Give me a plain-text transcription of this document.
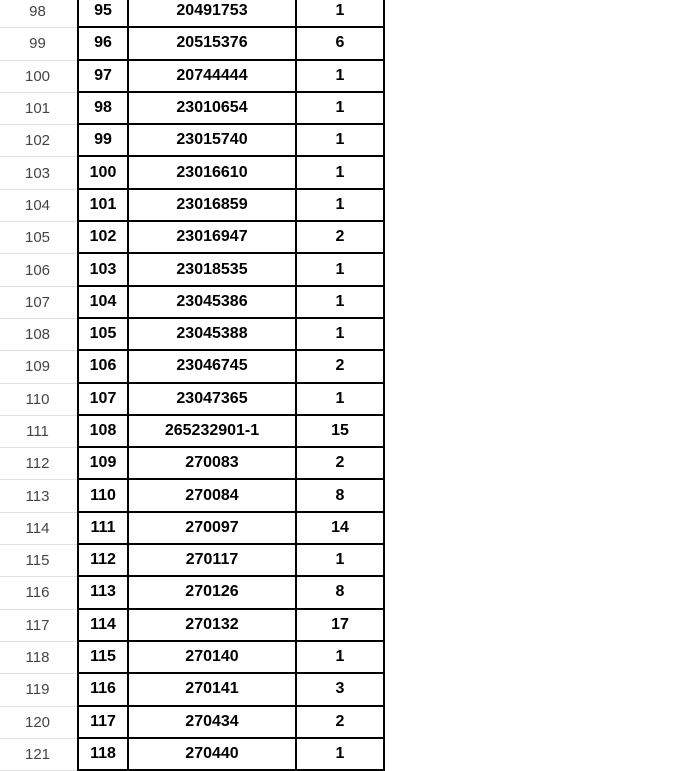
98	95	20491753	1
99	96	20515376	6
100	97	20744444	1
101	98	23010654	1
102	99	23015740	1
103	100	23016610	1
104	101	23016859	1
105	102	23016947	2
106	103	23018535	1
107	104	23045386	1
108	105	23045388	1
109	106	23046745	2
110	107	23047365	1
111	108	265232901-1	15
112	109	270083	2
113	110	270084	8
114	111	270097	14
115	112	270117	1
116	113	270126	8
117	114	270132	17
118	115	270140	1
119	116	270141	3
120	117	270434	2
121	118	270440	1
